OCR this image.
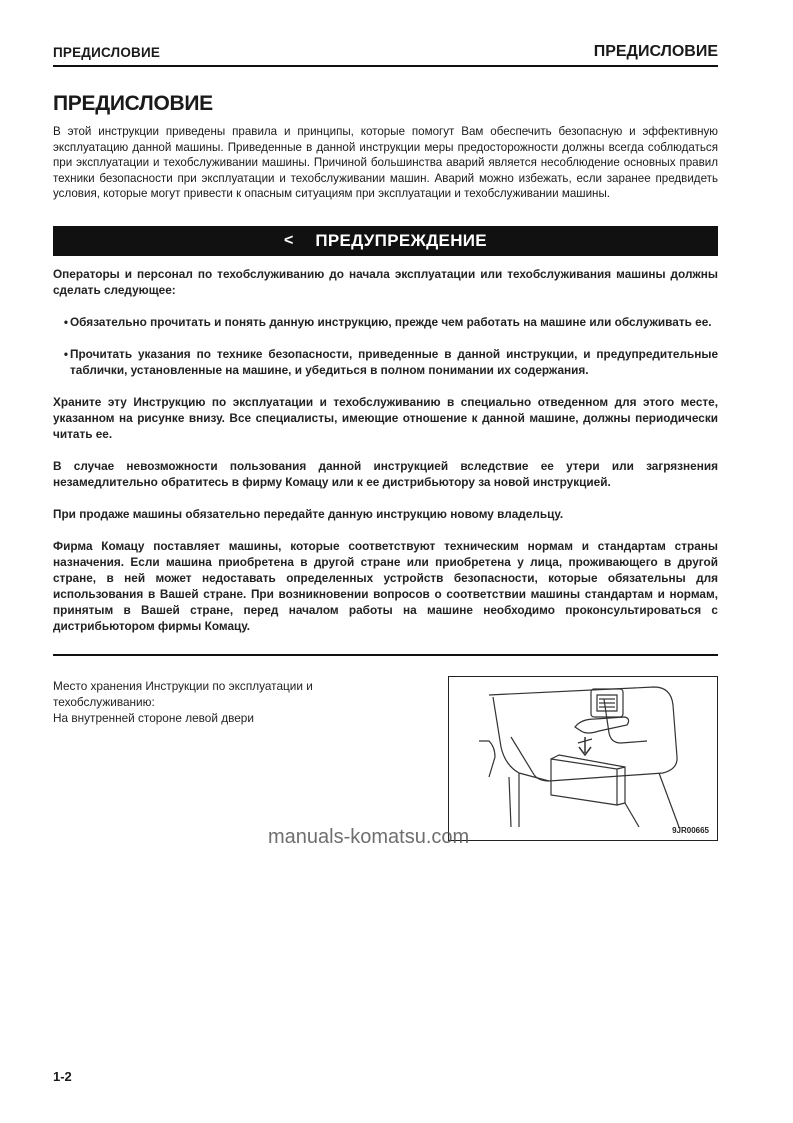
ПРЕДИСЛОВИЕ	ПРЕДИСЛОВИЕ
ПРЕДИСЛОВИЕ
В этой инструкции приведены правила и принципы, которые помогут Вам обеспечить безопасную и эффективную эксплуатацию данной машины. Приведенные в данной инструкции меры предосторожности должны всегда соблюдаться при эксплуатации и техобслуживании машины. Причиной большинства аварий является несоблюдение основных правил техники безопасности при эксплуатации и техобслуживании машин. Аварий можно избежать, если заранее предвидеть условия, которые могут привести к опасным ситуациям при эксплуатации и техобслуживании машины.
< ПРЕДУПРЕЖДЕНИЕ

Операторы и персонал по техобслуживанию до начала эксплуатации или техобслуживания машины должны сделать следующее:

• Обязательно прочитать и понять данную инструкцию, прежде чем работать на машине или обслуживать ее.
• Прочитать указания по технике безопасности, приведенные в данной инструкции, и предупредительные таблички, установленные на машине, и убедиться в полном понимании их содержания.

Храните эту Инструкцию по эксплуатации и техобслуживанию в специально отведенном для этого месте, указанном на рисунке внизу. Все специалисты, имеющие отношение к данной машине, должны периодически читать ее.

В случае невозможности пользования данной инструкцией вследствие ее утери или загрязнения незамедлительно обратитесь в фирму Комацу или к ее дистрибьютору за новой инструкцией.

При продаже машины обязательно передайте данную инструкцию новому владельцу.

Фирма Комацу поставляет машины, которые соответствуют техническим нормам и стандартам страны назначения. Если машина приобретена в другой стране или приобретена у лица, проживающего в другой стране, в ней может недоставать определенных устройств безопасности, которые обязательны для использования в Вашей стране. При возникновении вопросов о соответствии машины стандартам и нормам, принятым в Вашей стране, перед началом работы на машине необходимо проконсультироваться с дистрибьютором фирмы Комацу.

Место хранения Инструкции по эксплуатации и техобслуживанию:
На внутренней стороне левой двери
9JR00665
manuals-komatsu.com
1-2
